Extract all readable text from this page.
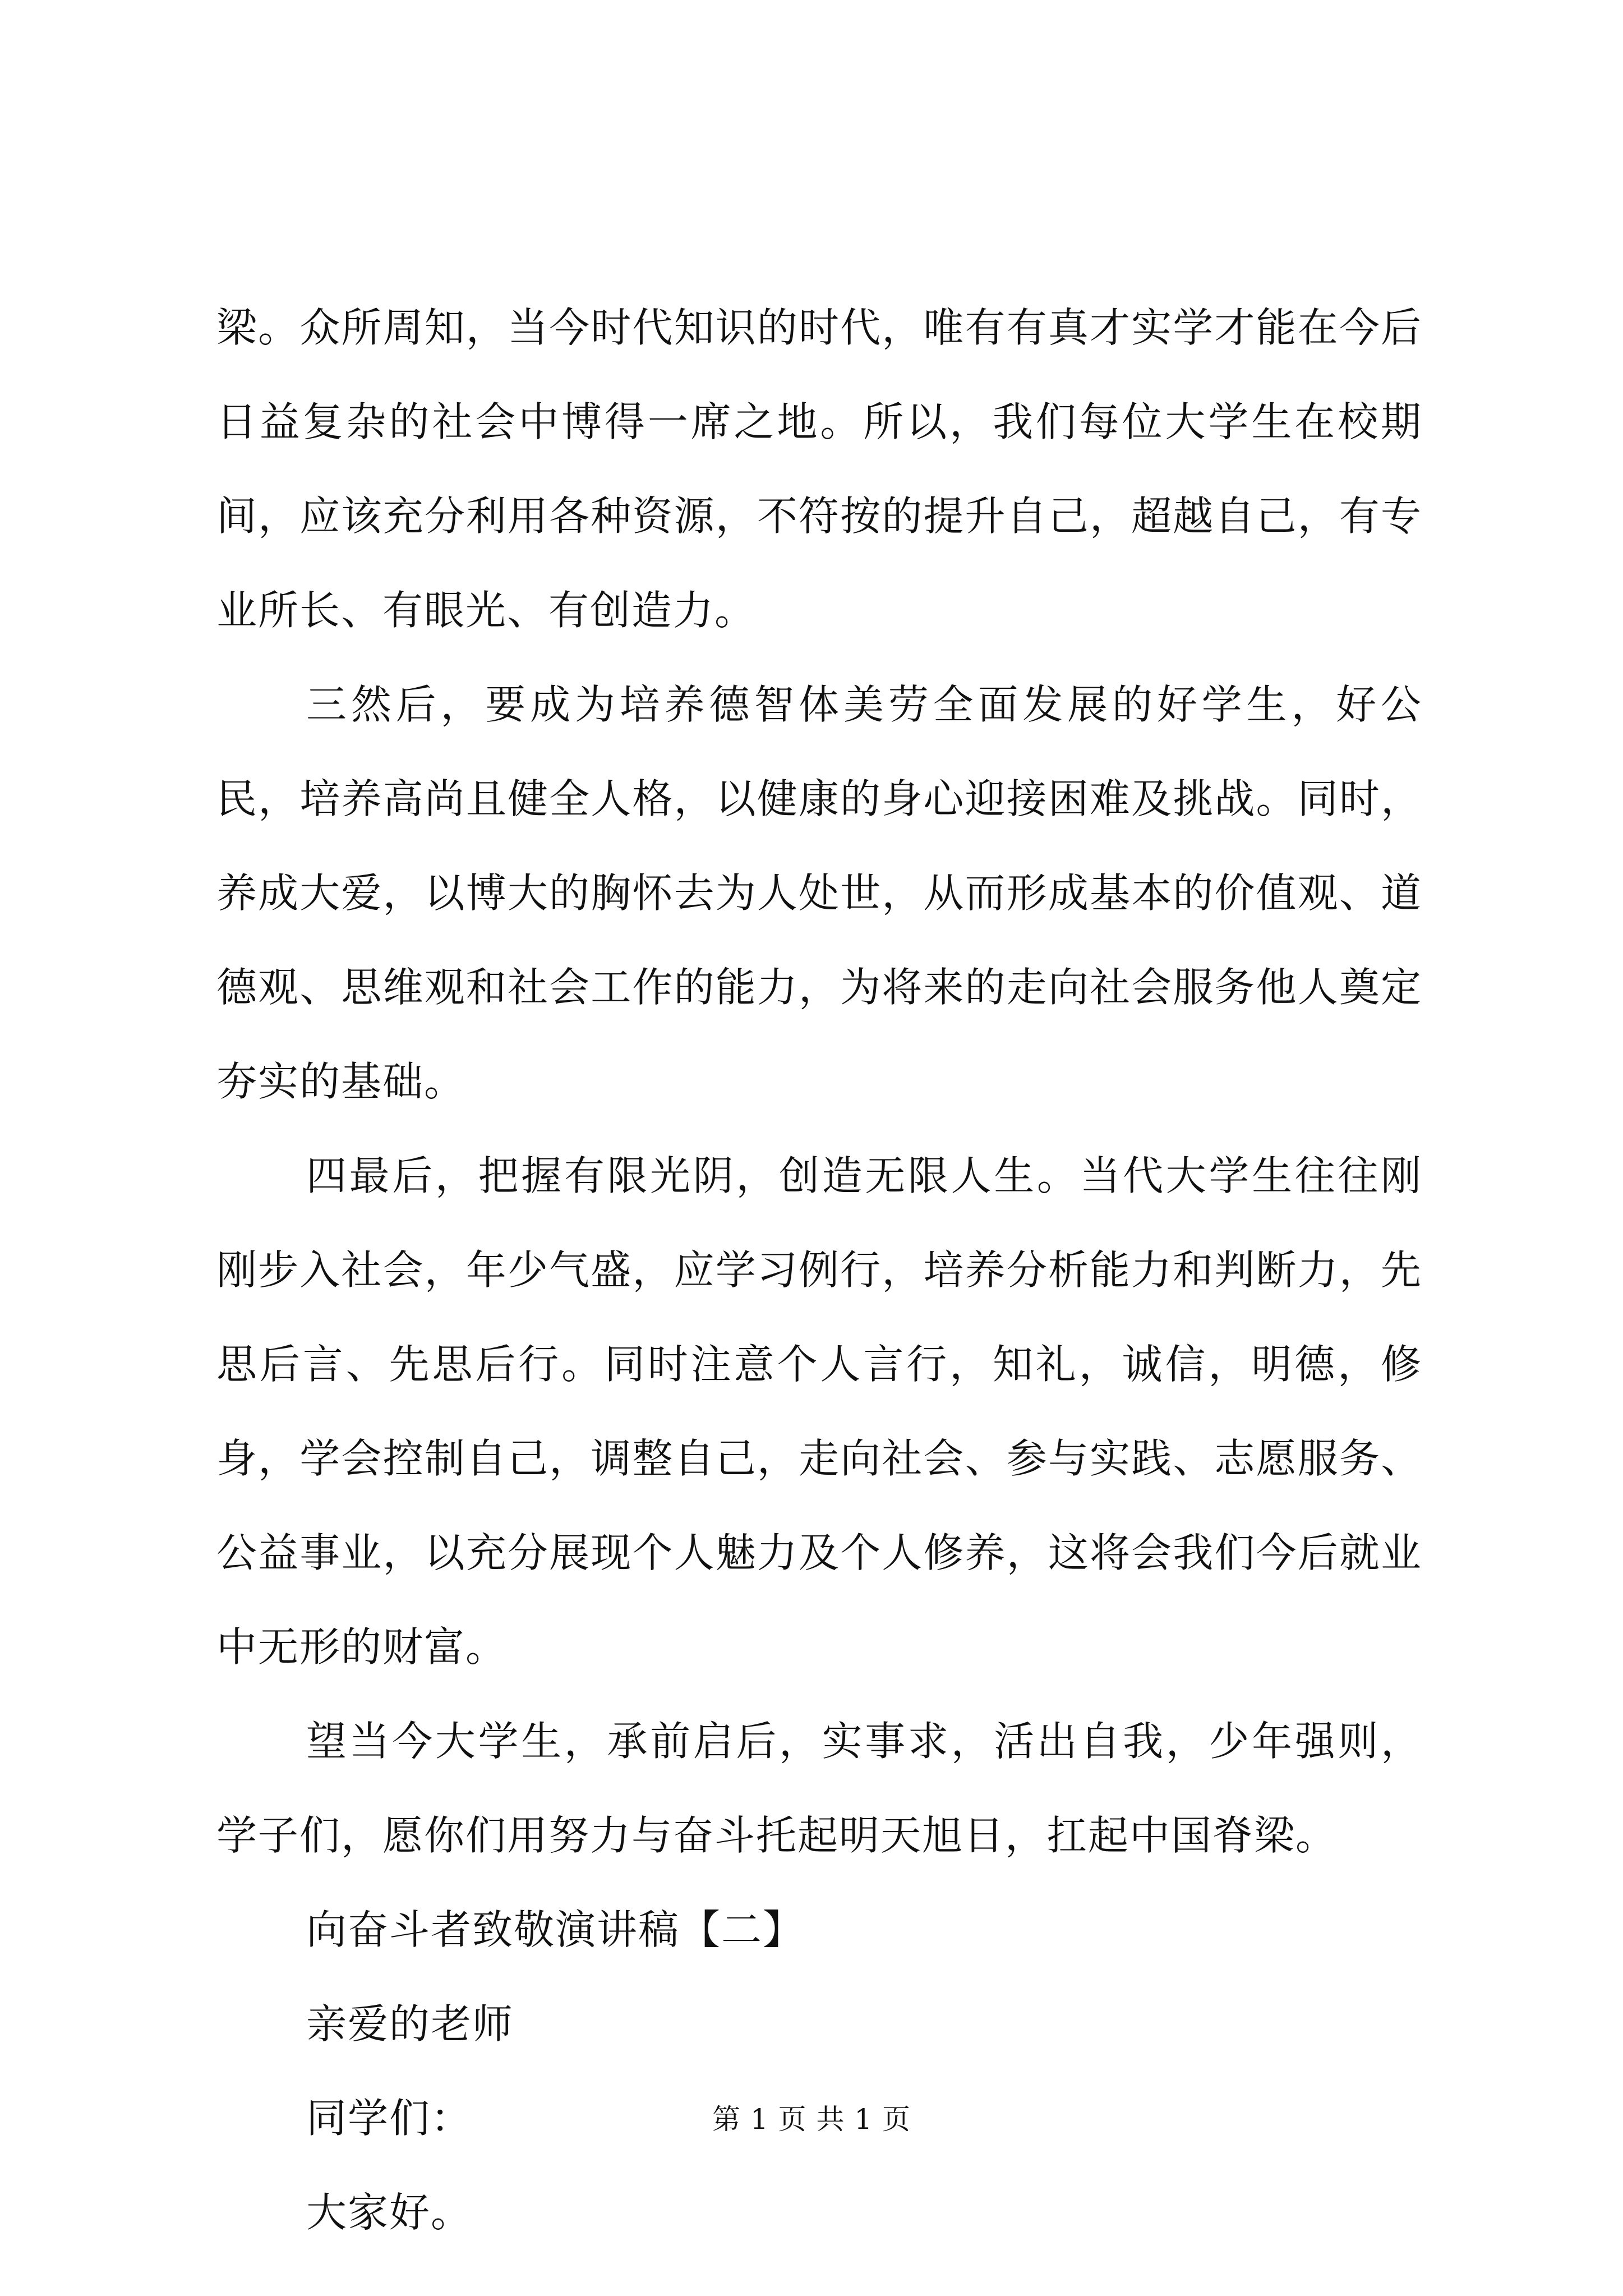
梁。众所周知，当今时代知识的时代，唯有有真才实学才能在今后日益复杂的社会中博得一席之地。所以，我们每位大学生在校期间，应该充分利用各种资源，不符按的提升自己，超越自己，有专业所长、有眼光、有创造力。

三然后，要成为培养德智体美劳全面发展的好学生，好公民，培养高尚且健全人格，以健康的身心迎接困难及挑战。同时，养成大爱，以博大的胸怀去为人处世，从而形成基本的价值观、道德观、思维观和社会工作的能力，为将来的走向社会服务他人奠定夯实的基础。

四最后，把握有限光阴，创造无限人生。当代大学生往往刚刚步入社会，年少气盛，应学习例行，培养分析能力和判断力，先思后言、先思后行。同时注意个人言行，知礼，诚信，明德，修身，学会控制自己，调整自己，走向社会、参与实践、志愿服务、公益事业，以充分展现个人魅力及个人修养，这将会我们今后就业中无形的财富。

望当今大学生，承前启后，实事求，活出自我，少年强则，学子们，愿你们用努力与奋斗托起明天旭日，扛起中国脊梁。

向奋斗者致敬演讲稿【二】

亲爱的老师

同学们：

大家好。

第 1 页 共 1 页
